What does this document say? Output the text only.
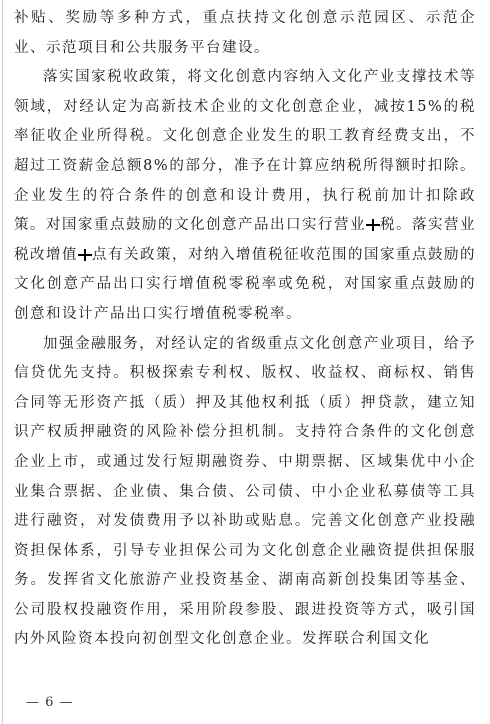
补贴、奖励等多种方式，重点扶持文化创意示范园区、示范企业、示范项目和公共服务平台建设。

落实国家税收政策，将文化创意内容纳入文化产业支撑技术等领域，对经认定为高新技术企业的文化创意企业，减按15%的税率征收企业所得税。文化创意企业发生的职工教育经费支出，不超过工资薪金总额8%的部分，准予在计算应纳税所得额时扣除。企业发生的符合条件的创意和设计费用，执行税前加计扣除政策。对国家重点鼓励的文化创意产品出口实行营业 税。落实营业税改增值 点有关政策，对纳入增值税征收范围的国家重点鼓励的文化创意产品出口实行增值税零税率或免税，对国家重点鼓励的创意和设计产品出口实行增值税零税率。

加强金融服务，对经认定的省级重点文化创意产业项目，给予信贷优先支持。积极探索专利权、版权、收益权、商标权、销售合同等无形资产抵（质）押及其他权利抵（质）押贷款，建立知识产权质押融资的风险补偿分担机制。支持符合条件的文化创意企业上市，或通过发行短期融资券、中期票据、区域集优中小企业集合票据、企业债、集合债、公司债、中小企业私募债等工具进行融资，对发债费用予以补助或贴息。完善文化创意产业投融资担保体系，引导专业担保公司为文化创意企业融资提供担保服务。发挥省文化旅游产业投资基金、湖南高新创投集团等基金、公司股权投融资作用，采用阶段参股、跟进投资等方式，吸引国内外风险资本投向初创型文化创意企业。发挥联合利国文化

— 6 —
